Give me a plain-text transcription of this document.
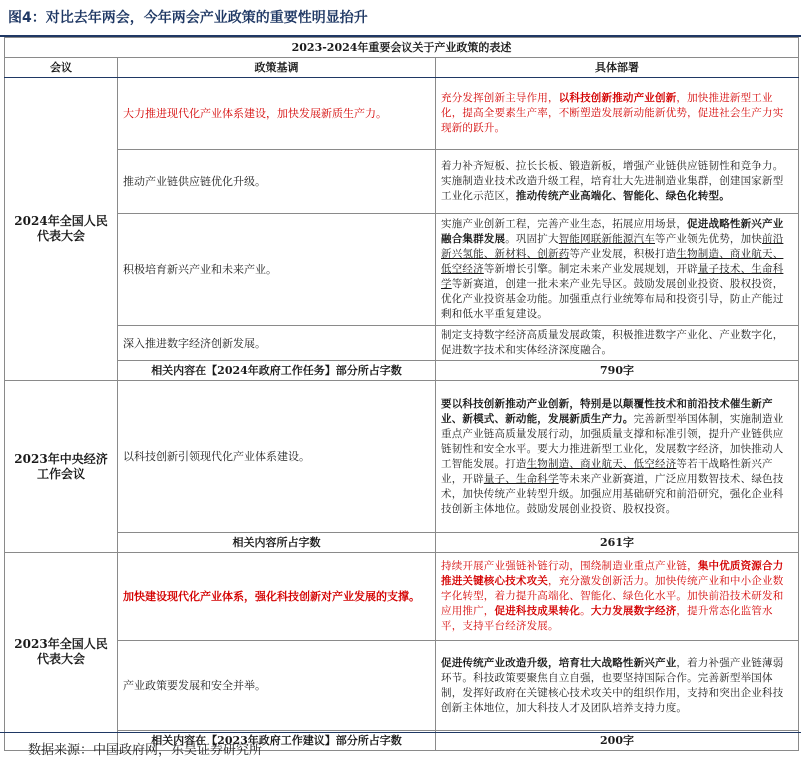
图4：对比去年两会，今年两会产业政策的重要性明显抬升
2023-2024年重要会议关于产业政策的表述		
会议	政策基调	具体部署
2024年全国人民代表大会	大力推进现代化产业体系建设，加快发展新质生产力。	充分发挥创新主导作用，以科技创新推动产业创新，加快推进新型工业化，提高全要素生产率，不断塑造发展新动能新优势，促进社会生产力实现新的跃升。
	推动产业链供应链优化升级。	着力补齐短板、拉长长板、锻造新板，增强产业链供应链韧性和竞争力。实施制造业技术改造升级工程，培育壮大先进制造业集群，创建国家新型工业化示范区，推动传统产业高端化、智能化、绿色化转型。
	积极培育新兴产业和未来产业。	实施产业创新工程，完善产业生态，拓展应用场景，促进战略性新兴产业融合集群发展。巩固扩大智能网联新能源汽车等产业领先优势，加快前沿新兴氢能、新材料、创新药等产业发展，积极打造生物制造、商业航天、低空经济等新增长引擎。制定未来产业发展规划，开辟量子技术、生命科学等新赛道，创建一批未来产业先导区。鼓励发展创业投资、股权投资，优化产业投资基金功能。加强重点行业统筹布局和投资引导，防止产能过剩和低水平重复建设。
	深入推进数字经济创新发展。	制定支持数字经济高质量发展政策，积极推进数字产业化、产业数字化，促进数字技术和实体经济深度融合。
	相关内容在【2024年政府工作任务】部分所占字数	790字
2023年中央经济工作会议	以科技创新引领现代化产业体系建设。	要以科技创新推动产业创新，特别是以颠覆性技术和前沿技术催生新产业、新模式、新动能，发展新质生产力。完善新型举国体制，实施制造业重点产业链高质量发展行动，加强质量支撑和标准引领，提升产业链供应链韧性和安全水平。要大力推进新型工业化，发展数字经济，加快推动人工智能发展。打造生物制造、商业航天、低空经济等若干战略性新兴产业，开辟量子、生命科学等未来产业新赛道，广泛应用数智技术、绿色技术，加快传统产业转型升级。加强应用基础研究和前沿研究，强化企业科技创新主体地位。鼓励发展创业投资、股权投资。
	相关内容所占字数	261字
2023年全国人民代表大会	加快建设现代化产业体系，强化科技创新对产业发展的支撑。	持续开展产业强链补链行动，围绕制造业重点产业链，集中优质资源合力推进关键核心技术攻关，充分激发创新活力。加快传统产业和中小企业数字化转型，着力提升高端化、智能化、绿色化水平。加快前沿技术研发和应用推广，促进科技成果转化。大力发展数字经济，提升常态化监管水平，支持平台经济发展。
	产业政策要发展和安全并举。	促进传统产业改造升级，培育壮大战略性新兴产业，着力补强产业链薄弱环节。科技政策要聚焦自立自强，也要坚持国际合作。完善新型举国体制，发挥好政府在关键核心技术攻关中的组织作用，支持和突出企业科技创新主体地位，加大科技人才及团队培养支持力度。
	相关内容在【2023年政府工作建议】部分所占字数	200字
数据来源：中国政府网，东吴证券研究所
